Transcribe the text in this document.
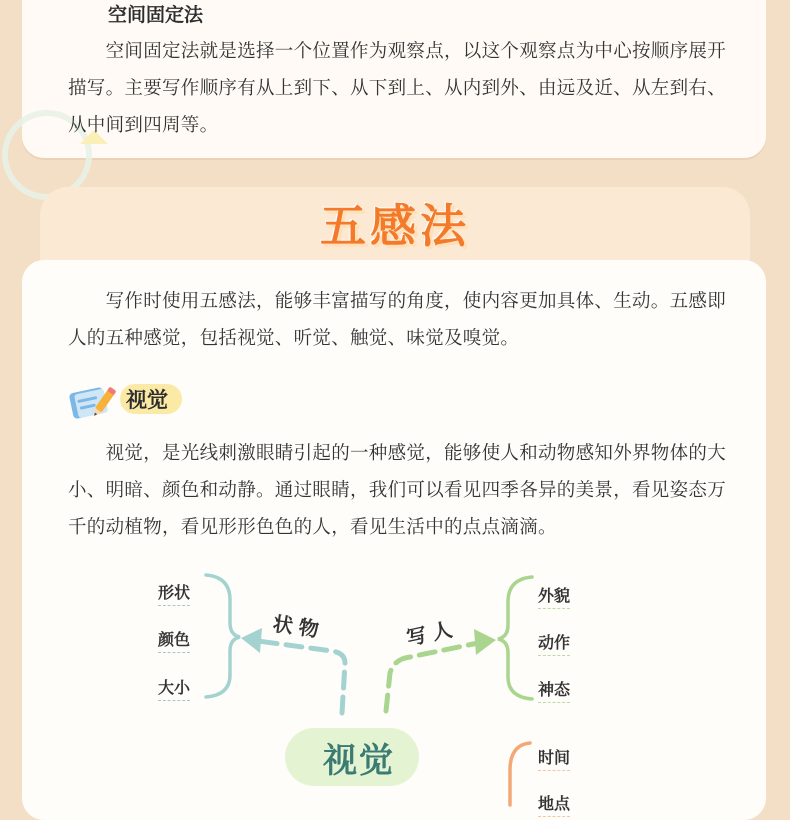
空间固定法

　　空间固定法就是选择一个位置作为观察点，以这个观察点为中心按顺序展开描写。主要写作顺序有从上到下、从下到上、从内到外、由远及近、从左到右、从中间到四周等。

五感法

　　写作时使用五感法，能够丰富描写的角度，使内容更加具体、生动。五感即人的五种感觉，包括视觉、听觉、触觉、味觉及嗅觉。

视觉

　　视觉，是光线刺激眼睛引起的一种感觉，能够使人和动物感知外界物体的大小、明暗、颜色和动静。通过眼睛，我们可以看见四季各异的美景，看见姿态万千的动植物，看见形形色色的人，看见生活中的点点滴滴。

形状
颜色
大小
状物	写人
外貌
动作
神态
时间
地点
视觉
